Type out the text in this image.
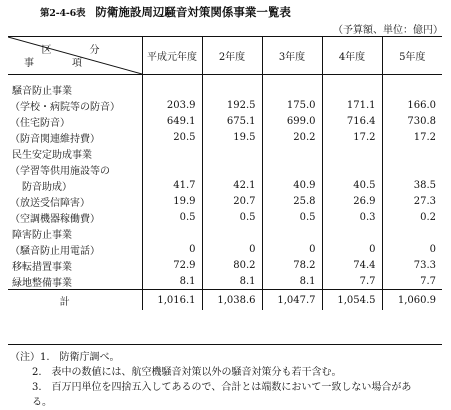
第2-4-6表 防衛施設周辺騒音対策関係事業一覧表
（予算額、単位：億円）
区　分
事　項	平成元年度	2年度	3年度	4年度	5年度
騒音防止事業					
（学校・病院等の防音）	203.9	192.5	175.0	171.1	166.0
（住宅防音）	649.1	675.1	699.0	716.4	730.8
（防音関連維持費）	20.5	19.5	20.2	17.2	17.2
民生安定助成事業					
（学習等供用施設等の					
防音助成）	41.7	42.1	40.9	40.5	38.5
（放送受信障害）	19.9	20.7	25.8	26.9	27.3
（空調機器稼働費）	0.5	0.5	0.5	0.3	0.2
障害防止事業					
（騒音防止用電話）	0	0	0	0	0
移転措置事業	72.9	80.2	78.2	74.4	73.3
緑地整備事業	8.1	8.1	8.1	7.7	7.7
計	1,016.1	1,038.6	1,047.7	1,054.5	1,060.9
（注）1.　防衛庁調べ。
2.　表中の数値には、航空機騒音対策以外の騒音対策分も若干含む。
3.　百万円単位を四捨五入してあるので、合計とは端数において一致しない場合があ
る。
